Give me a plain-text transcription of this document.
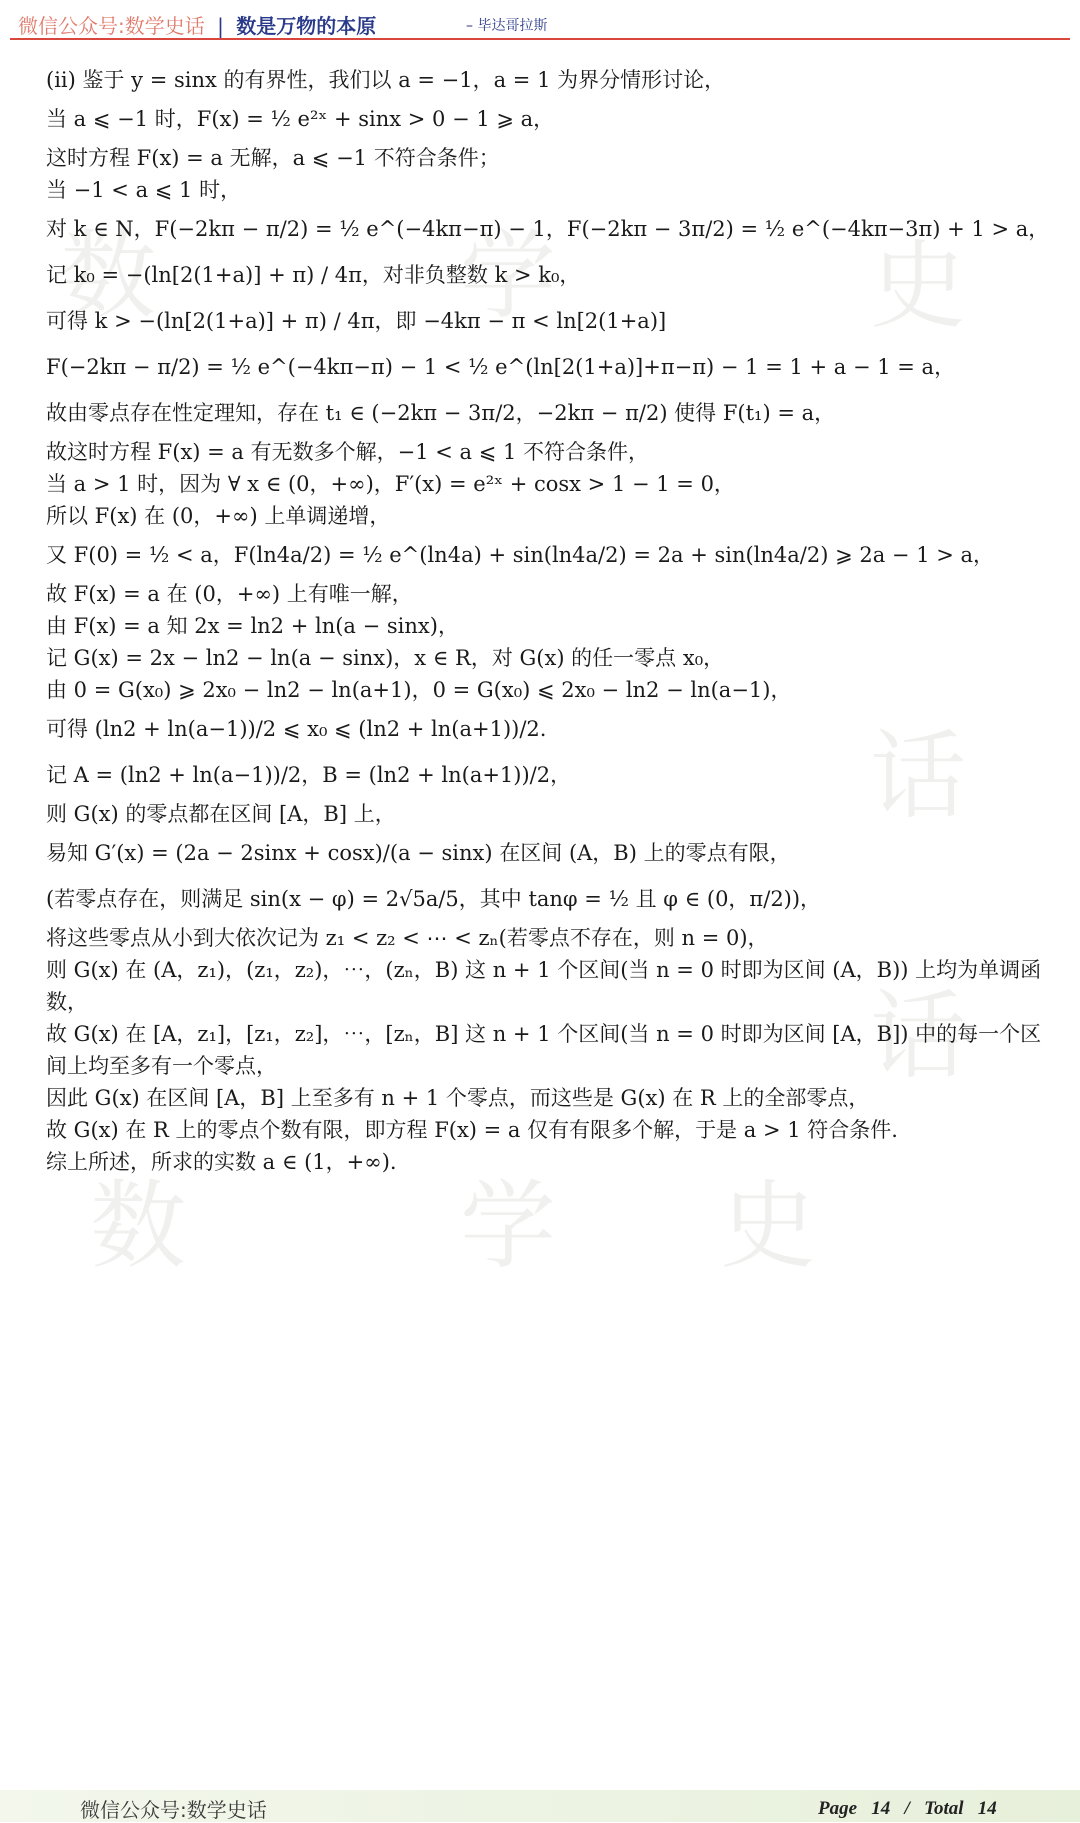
微信公众号:数学史话 | 数是万物的本原	– 毕达哥拉斯
数	学	史
话
数	学 史
话

(ii) 鉴于 y = sinx 的有界性，我们以 a = −1，a = 1 为界分情形讨论，

当 a ⩽ −1 时，F(x) = ½ e²ˣ + sinx > 0 − 1 ⩾ a，

这时方程 F(x) = a 无解，a ⩽ −1 不符合条件；

当 −1 < a ⩽ 1 时，

对 k ∈ N，F(−2kπ − π/2) = ½ e^(−4kπ−π) − 1，F(−2kπ − 3π/2) = ½ e^(−4kπ−3π) + 1 > a，

记 k₀ = −(ln[2(1+a)] + π) / 4π，对非负整数 k > k₀，

可得 k > −(ln[2(1+a)] + π) / 4π，即 −4kπ − π < ln[2(1+a)]

F(−2kπ − π/2) = ½ e^(−4kπ−π) − 1 < ½ e^(ln[2(1+a)]+π−π) − 1 = 1 + a − 1 = a，

故由零点存在性定理知，存在 t₁ ∈ (−2kπ − 3π/2，−2kπ − π/2) 使得 F(t₁) = a，

故这时方程 F(x) = a 有无数多个解，−1 < a ⩽ 1 不符合条件，

当 a > 1 时，因为 ∀ x ∈ (0，+∞)，F′(x) = e²ˣ + cosx > 1 − 1 = 0，

所以 F(x) 在 (0，+∞) 上单调递增，

又 F(0) = ½ < a，F(ln4a/2) = ½ e^(ln4a) + sin(ln4a/2) = 2a + sin(ln4a/2) ⩾ 2a − 1 > a，

故 F(x) = a 在 (0，+∞) 上有唯一解，

由 F(x) = a 知 2x = ln2 + ln(a − sinx)，

记 G(x) = 2x − ln2 − ln(a − sinx)，x ∈ R，对 G(x) 的任一零点 x₀，

由 0 = G(x₀) ⩾ 2x₀ − ln2 − ln(a+1)，0 = G(x₀) ⩽ 2x₀ − ln2 − ln(a−1)，

可得 (ln2 + ln(a−1))/2 ⩽ x₀ ⩽ (ln2 + ln(a+1))/2.

记 A = (ln2 + ln(a−1))/2，B = (ln2 + ln(a+1))/2，

则 G(x) 的零点都在区间 [A，B] 上，

易知 G′(x) = (2a − 2sinx + cosx)/(a − sinx) 在区间 (A，B) 上的零点有限，

(若零点存在，则满足 sin(x − φ) = 2√5a/5，其中 tanφ = ½ 且 φ ∈ (0，π/2))，

将这些零点从小到大依次记为 z₁ < z₂ < ⋯ < zₙ(若零点不存在，则 n = 0)，

则 G(x) 在 (A，z₁)，(z₁，z₂)，⋯，(zₙ，B) 这 n + 1 个区间(当 n = 0 时即为区间 (A，B)) 上均为单调函数，

故 G(x) 在 [A，z₁]，[z₁，z₂]，⋯，[zₙ，B] 这 n + 1 个区间(当 n = 0 时即为区间 [A，B]) 中的每一个区间上均至多有一个零点，

因此 G(x) 在区间 [A，B] 上至多有 n + 1 个零点，而这些是 G(x) 在 R 上的全部零点，

故 G(x) 在 R 上的零点个数有限，即方程 F(x) = a 仅有有限多个解，于是 a > 1 符合条件.

综上所述，所求的实数 a ∈ (1，+∞).

微信公众号:数学史话	Page 14 / Total 14
